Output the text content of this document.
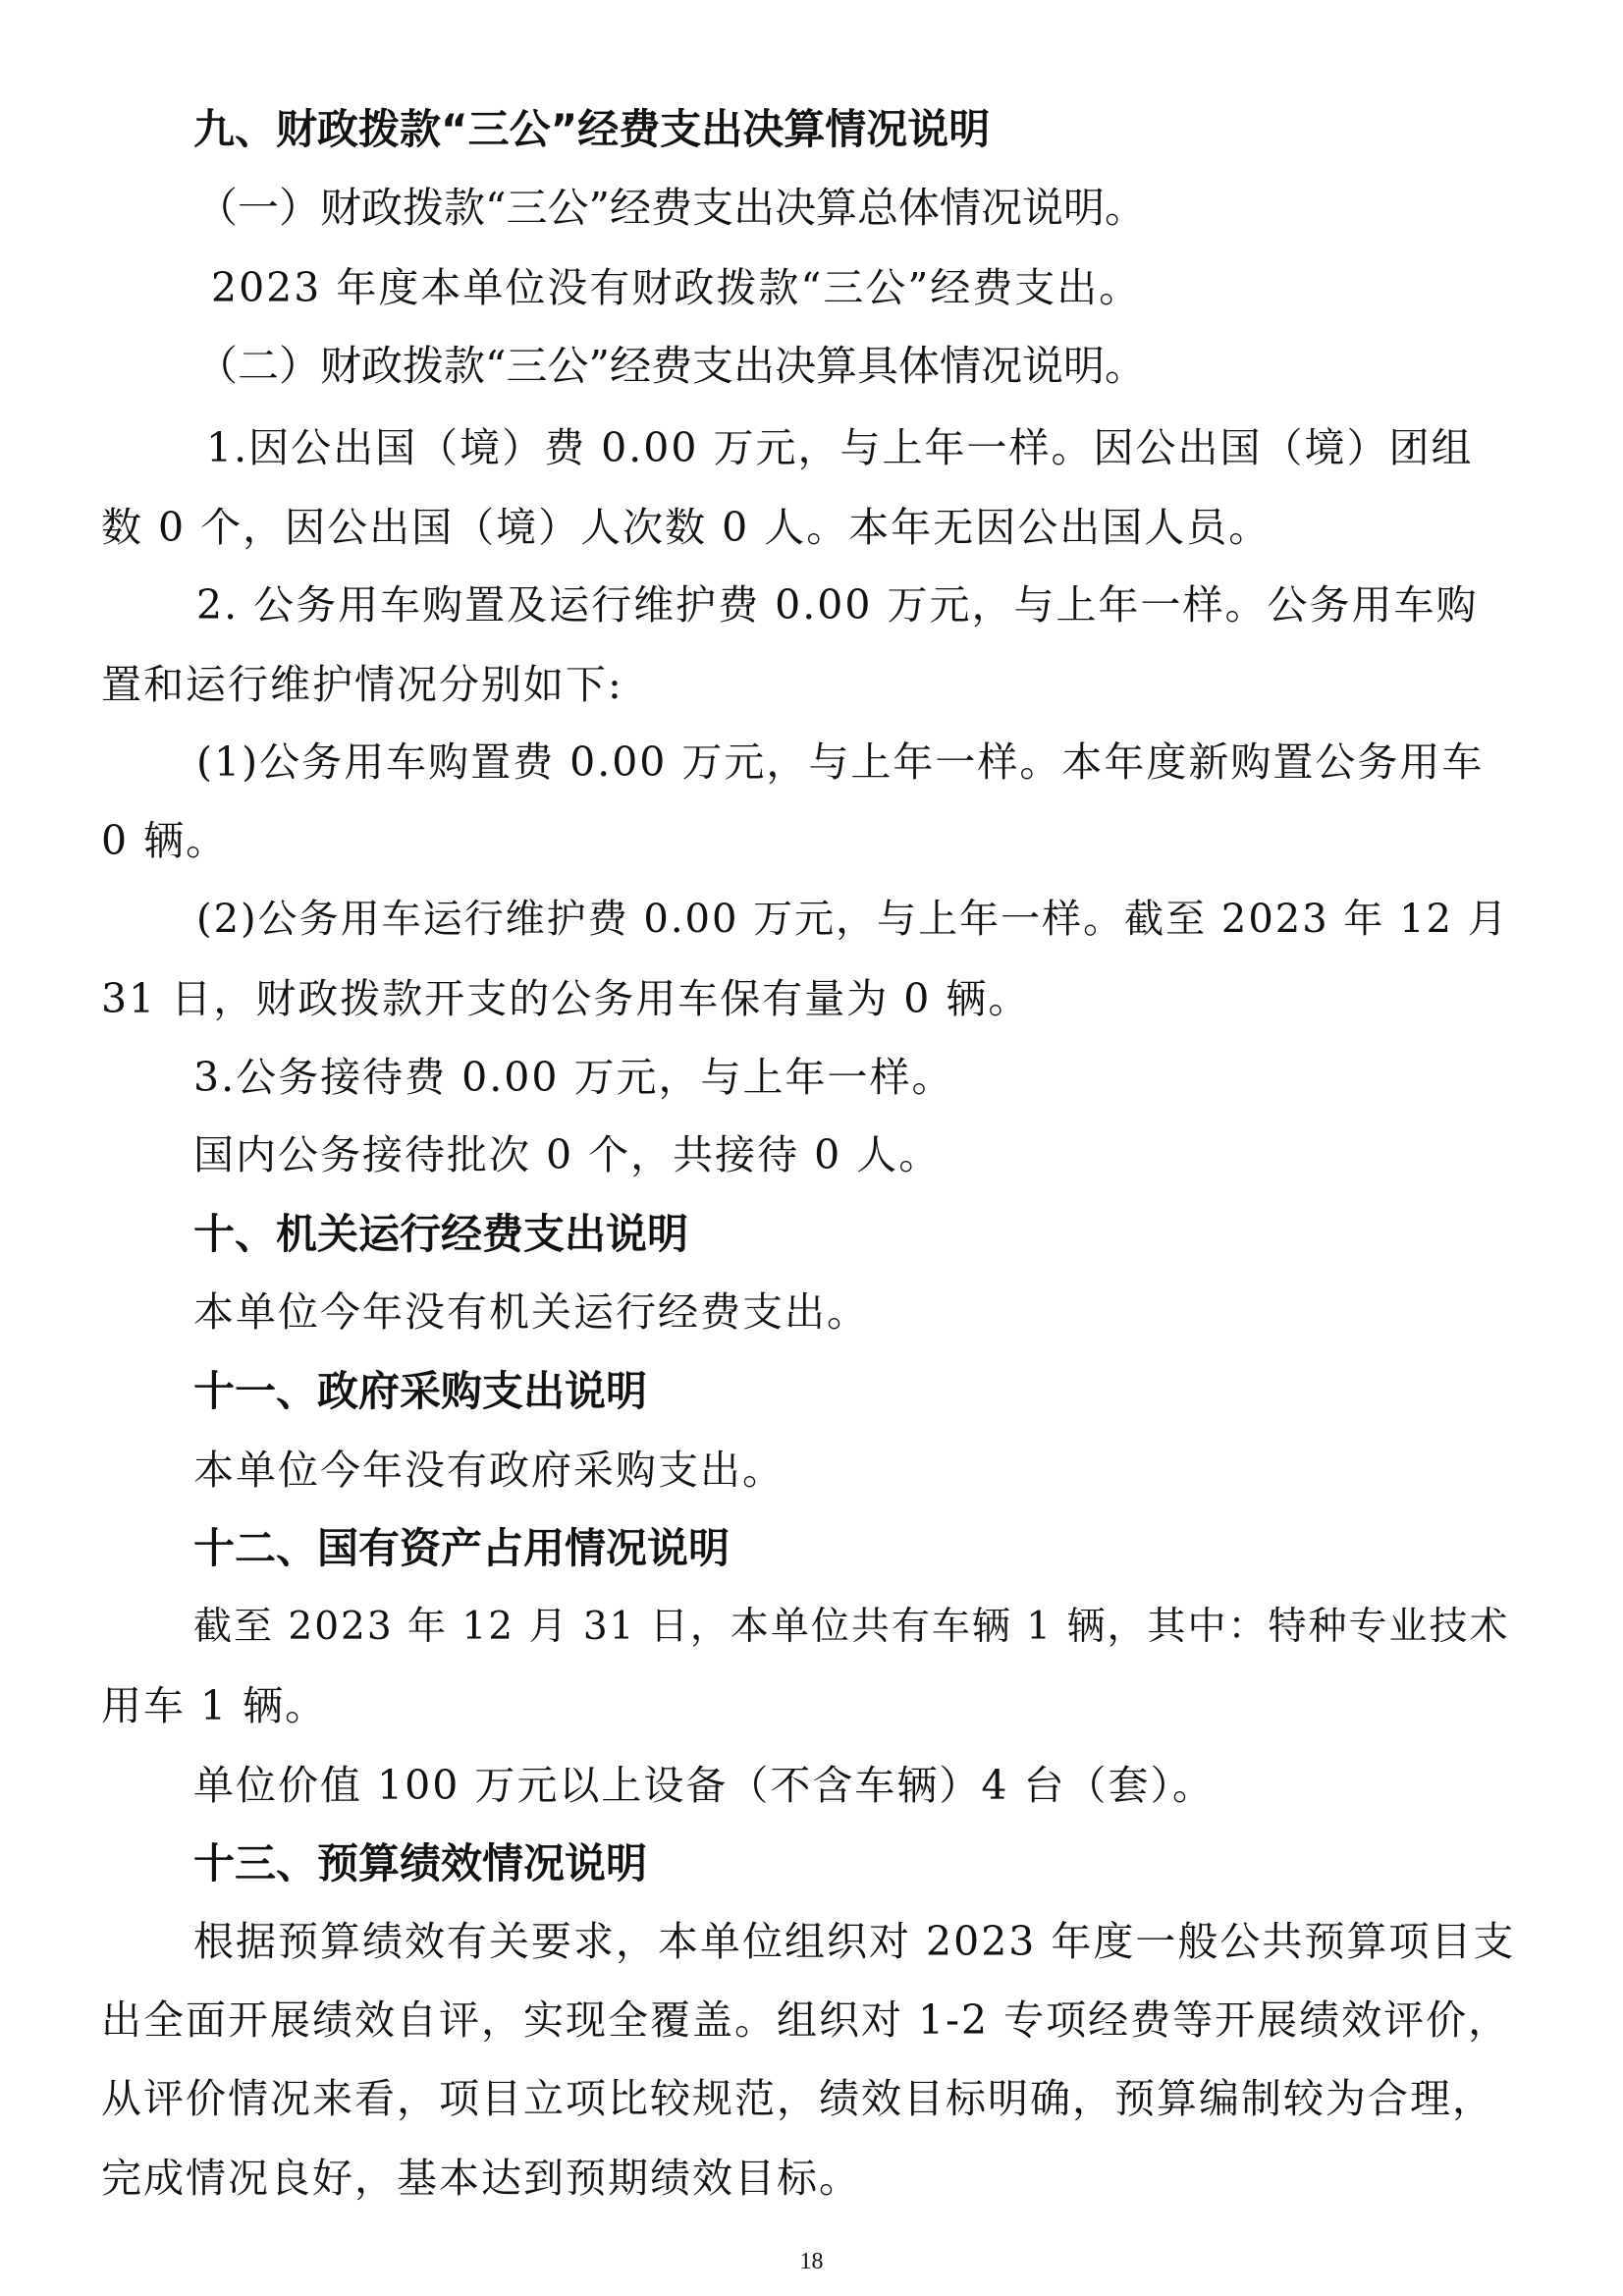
九、财政拨款“三公”经费支出决算情况说明
（一）财政拨款“三公”经费支出决算总体情况说明。
2023 年度本单位没有财政拨款“三公”经费支出。
（二）财政拨款“三公”经费支出决算具体情况说明。
1.因公出国（境）费 0.00 万元，与上年一样。因公出国（境）团组
数 0 个，因公出国（境）人次数 0 人。本年无因公出国人员。
2. 公务用车购置及运行维护费 0.00 万元，与上年一样。公务用车购
置和运行维护情况分别如下:
(1)公务用车购置费 0.00 万元，与上年一样。本年度新购置公务用车
0 辆。
(2)公务用车运行维护费 0.00 万元，与上年一样。截至 2023 年 12 月
31 日，财政拨款开支的公务用车保有量为 0 辆。
3.公务接待费 0.00 万元，与上年一样。
国内公务接待批次 0 个，共接待 0 人。
十、机关运行经费支出说明
本单位今年没有机关运行经费支出。
十一、政府采购支出说明
本单位今年没有政府采购支出。
十二、国有资产占用情况说明
截至 2023 年 12 月 31 日，本单位共有车辆 1 辆，其中：特种专业技术
用车 1 辆。
单位价值 100 万元以上设备（不含车辆）4 台（套）。
十三、预算绩效情况说明
根据预算绩效有关要求，本单位组织对 2023 年度一般公共预算项目支
出全面开展绩效自评，实现全覆盖。组织对 1-2 专项经费等开展绩效评价，
从评价情况来看，项目立项比较规范，绩效目标明确，预算编制较为合理，
完成情况良好，基本达到预期绩效目标。
18
